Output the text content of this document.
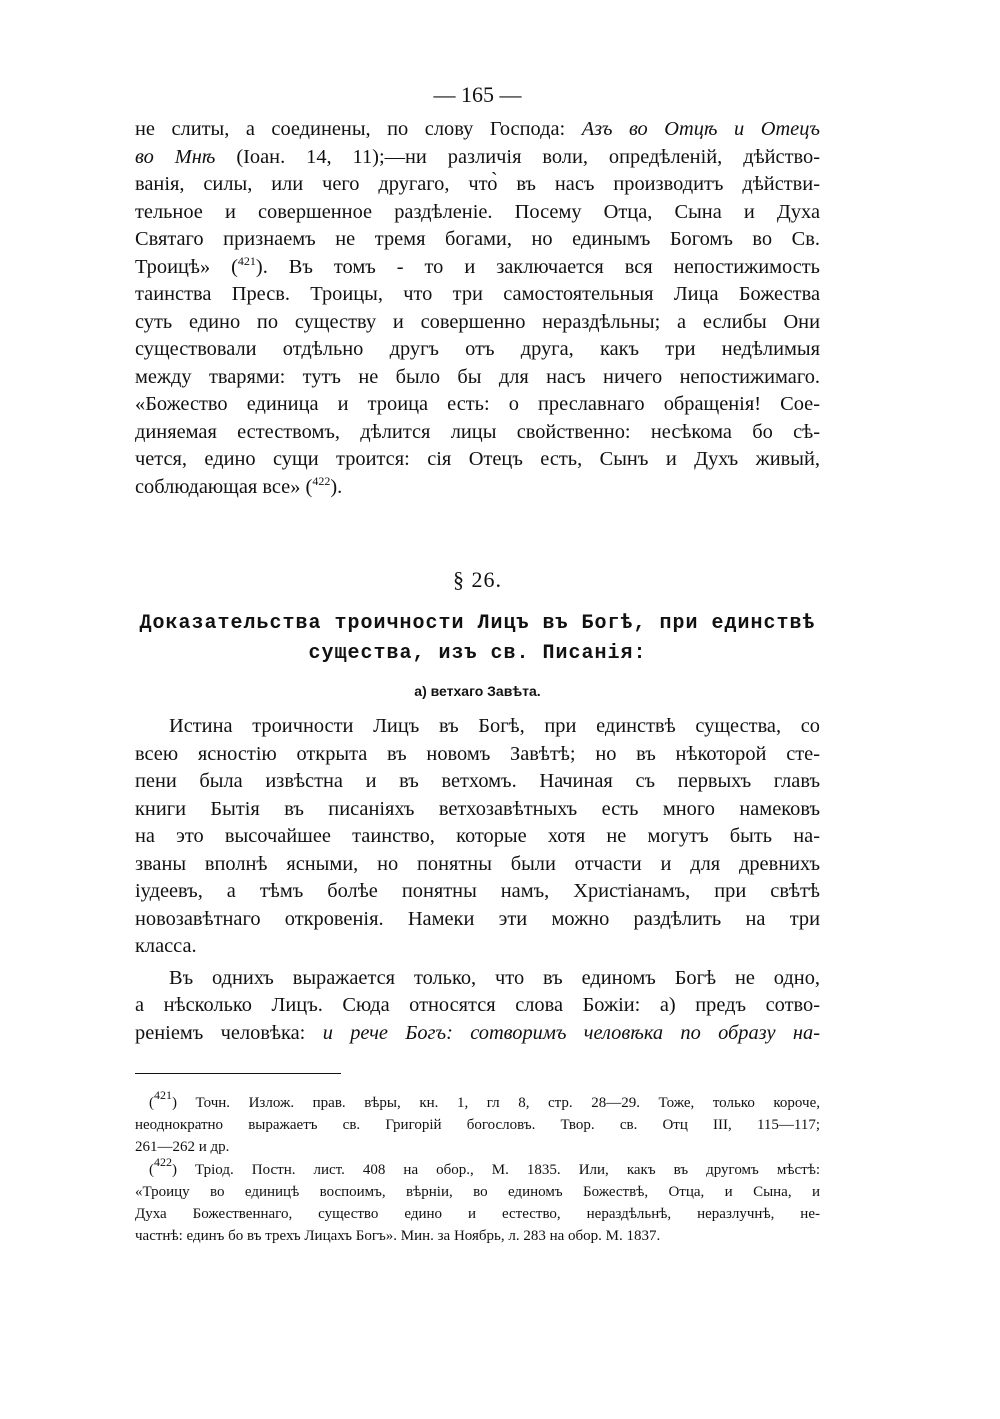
— 165 —
не слиты, а соединены, по слову Господа: Азъ во Отцѣ и Отецъ
во Мнѣ (Іоан. 14, 11);—ни различія воли, опредѣленій, дѣйство-
ванія, силы, или чего другаго, что̀ въ насъ производитъ дѣйстви-
тельное и совершенное раздѣленіе. Посему Отца, Сына и Духа
Святаго признаемъ не тремя богами, но единымъ Богомъ во Св.
Троицѣ» ($^{421}$). Въ томъ - то и заключается вся непостижимость
таинства Пресв. Троицы, что три самостоятельныя Лица Божества
суть едино по существу и совершенно нераздѣльны; а еслибы Они
существовали отдѣльно другъ отъ друга, какъ три недѣлимыя
между тварями: тутъ не было бы для насъ ничего непостижимаго.
«Божество единица и троица есть: о преславнаго обращенія! Сое-
диняемая естествомъ, дѣлится лицы свойственно: несѣкома бо сѣ-
чется, едино сущи троится: сія Отецъ есть, Сынъ и Духъ живый,
соблюдающая все» ($^{422}$).
§ 26.
Доказательства троичности Лицъ въ Богѣ, при единствѣ
существа, изъ св. Писанія:
а) ветхаго Завѣта.
Истина троичности Лицъ въ Богѣ, при единствѣ существа, со
всею ясностію открыта въ новомъ Завѣтѣ; но въ нѣкоторой сте-
пени была извѣстна и въ ветхомъ. Начиная съ первыхъ главъ
книги Бытія въ писаніяхъ ветхозавѣтныхъ есть много намековъ
на это высочайшее таинство, которые хотя не могутъ быть на-
званы вполнѣ ясными, но понятны были отчасти и для древнихъ
іудеевъ, а тѣмъ болѣе понятны намъ, Христіанамъ, при свѣтѣ
новозавѣтнаго откровенія. Намеки эти можно раздѣлить на три
класса.
Въ однихъ выражается только, что въ единомъ Богѣ не одно,
а нѣсколько Лицъ. Сюда относятся слова Божіи: а) предъ сотво-
реніемъ человѣка: и рече Богъ: сотворимъ человѣка по образу на-
($^{421}$) Точн. Излож. прав. вѣры, кн. 1, гл 8, стр. 28—29. Тоже, только короче,
неоднократно выражаетъ св. Григорій богословъ. Твор. св. Отц III, 115—117;
261—262 и др.
($^{422}$) Тріод. Постн. лист. 408 на обор., М. 1835. Или, какъ въ другомъ мѣстѣ:
«Троицу во единицѣ воспоимъ, вѣрніи, во единомъ Божествѣ, Отца, и Сына, и
Духа Божественнаго, существо едино и естество, нераздѣльнѣ, неразлучнѣ, не-
частнѣ: единъ бо въ трехъ Лицахъ Богъ». Мин. за Ноябрь, л. 283 на обор. М. 1837.
